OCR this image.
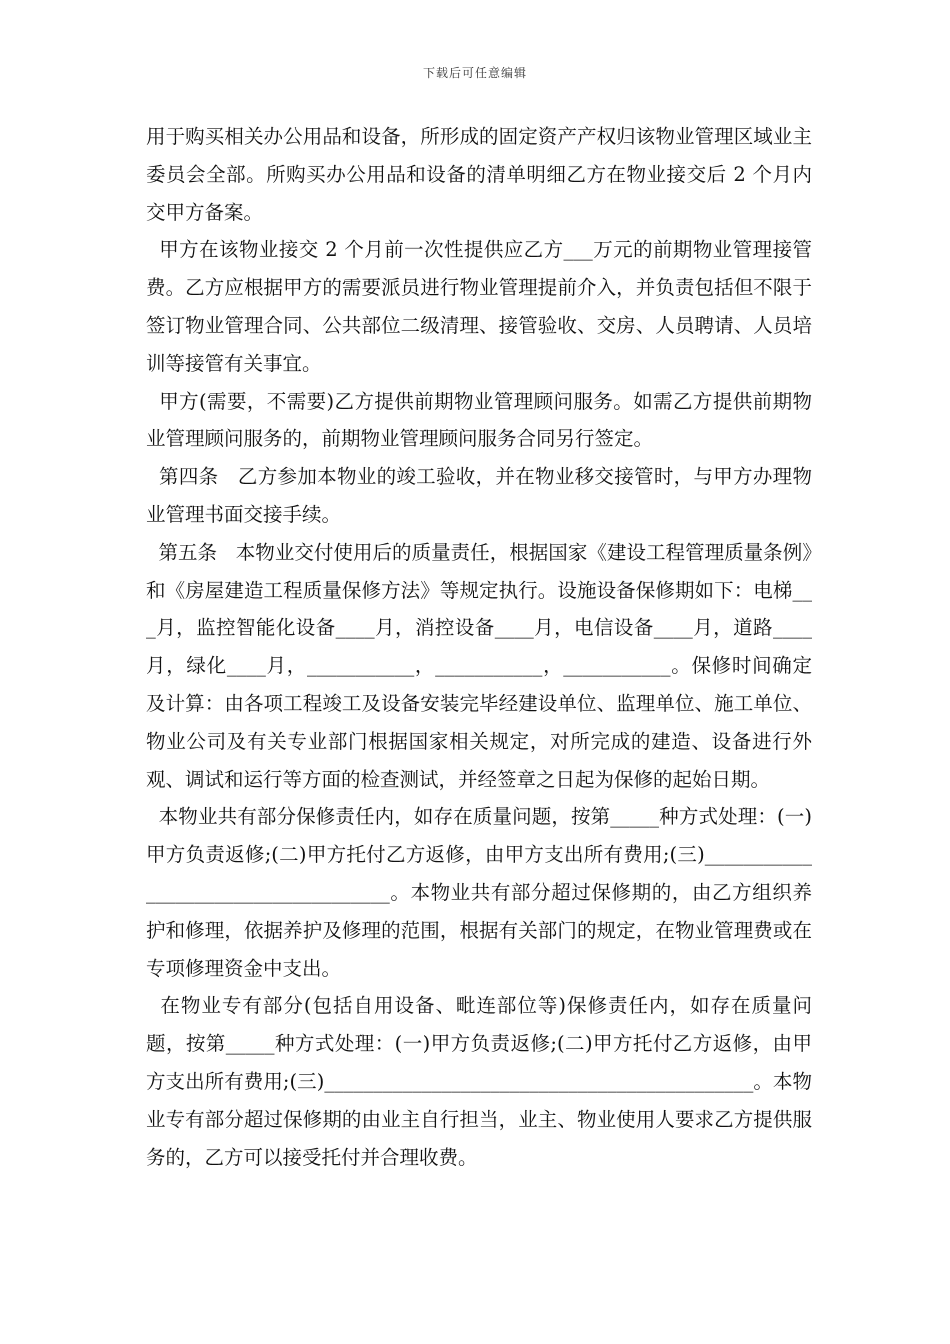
下载后可任意编辑

用于购买相关办公用品和设备，所形成的固定资产产权归该物业管理区域业主委员会全部。所购买办公用品和设备的清单明细乙方在物业接交后 2 个月内交甲方备案。

甲方在该物业接交 2 个月前一次性提供应乙方___万元的前期物业管理接管费。乙方应根据甲方的需要派员进行物业管理提前介入，并负责包括但不限于签订物业管理合同、公共部位二级清理、接管验收、交房、人员聘请、人员培训等接管有关事宜。

甲方(需要，不需要)乙方提供前期物业管理顾问服务。如需乙方提供前期物业管理顾问服务的，前期物业管理顾问服务合同另行签定。

第四条   乙方参加本物业的竣工验收，并在物业移交接管时，与甲方办理物业管理书面交接手续。

第五条   本物业交付使用后的质量责任，根据国家《建设工程管理质量条例》和《房屋建造工程质量保修方法》等规定执行。设施设备保修期如下：电梯___月，监控智能化设备____月，消控设备____月，电信设备____月，道路____月，绿化____月，___________，___________，___________。保修时间确定及计算：由各项工程竣工及设备安装完毕经建设单位、监理单位、施工单位、物业公司及有关专业部门根据国家相关规定，对所完成的建造、设备进行外观、调试和运行等方面的检查测试，并经签章之日起为保修的起始日期。

本物业共有部分保修责任内，如存在质量问题，按第_____种方式处理：(一)甲方负责返修;(二)甲方托付乙方返修，由甲方支出所有费用;(三)____________________________________。本物业共有部分超过保修期的，由乙方组织养护和修理，依据养护及修理的范围，根据有关部门的规定，在物业管理费或在专项修理资金中支出。

在物业专有部分(包括自用设备、毗连部位等)保修责任内，如存在质量问题，按第_____种方式处理：(一)甲方负责返修;(二)甲方托付乙方返修，由甲方支出所有费用;(三)____________________________________________。本物业专有部分超过保修期的由业主自行担当，业主、物业使用人要求乙方提供服务的，乙方可以接受托付并合理收费。
